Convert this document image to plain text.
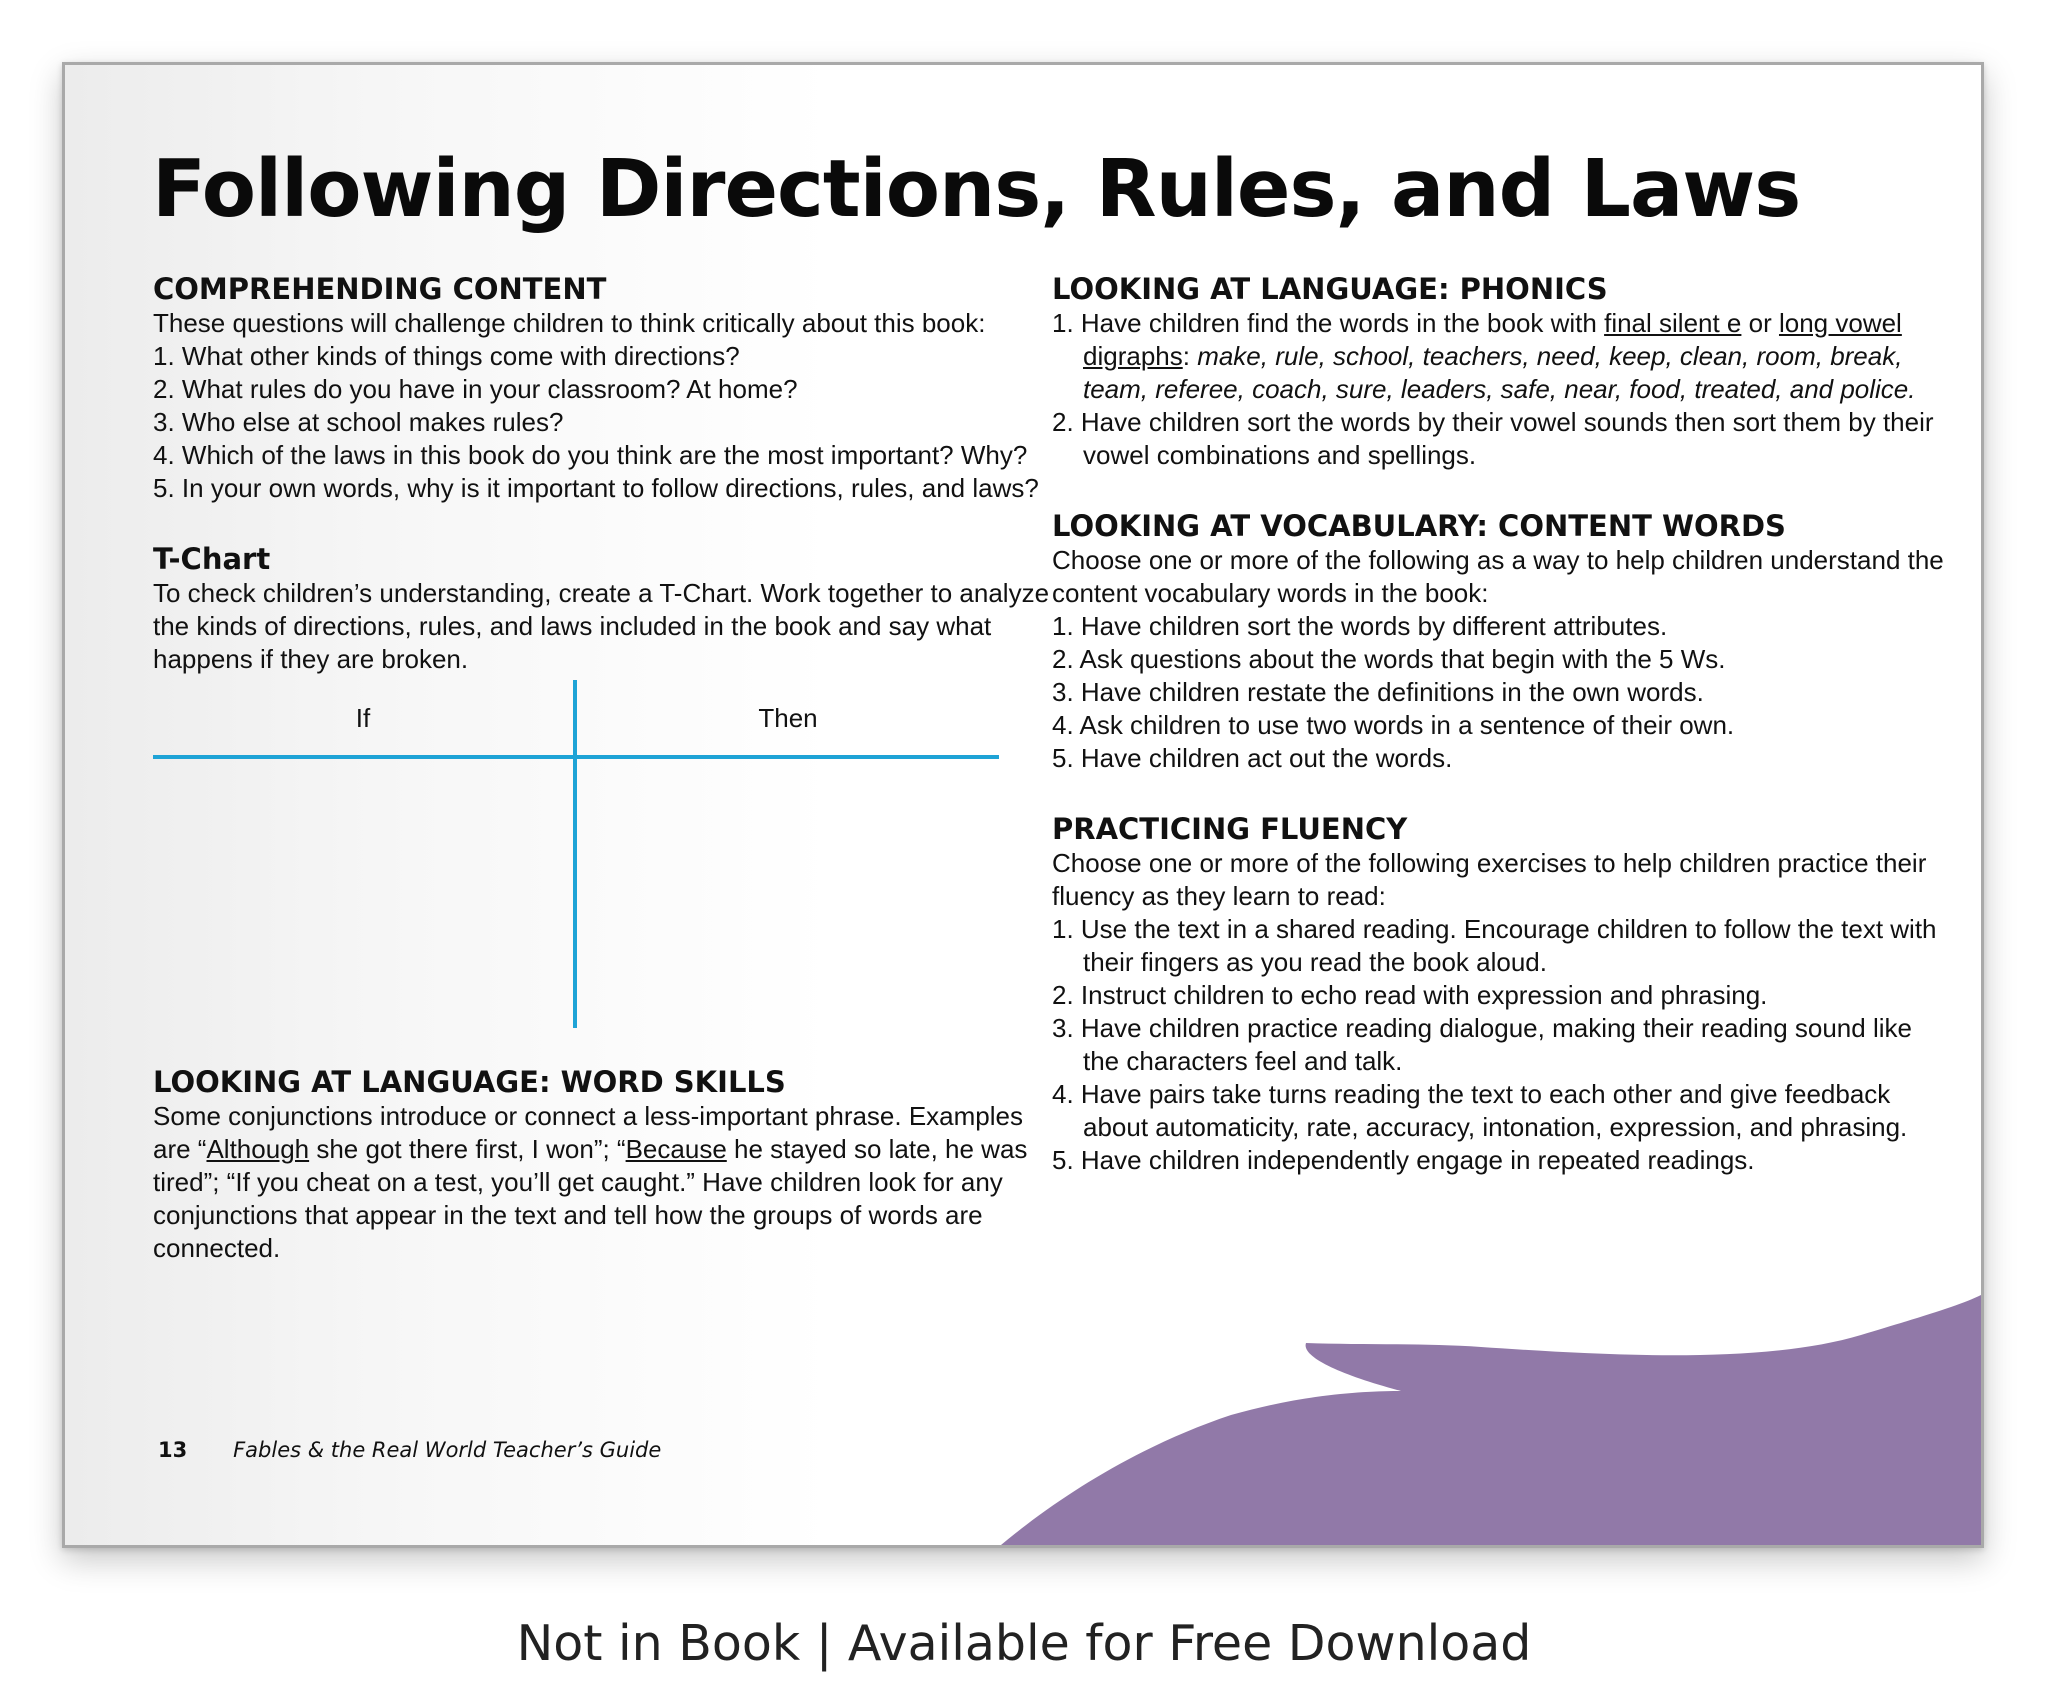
Following Directions, Rules, and Laws
COMPREHENDING CONTENT

These questions will challenge children to think critically about this book:

1. What other kinds of things come with directions?
2. What rules do you have in your classroom? At home?
3. Who else at school makes rules?
4. Which of the laws in this book do you think are the most important? Why?
5. In your own words, why is it important to follow directions, rules, and laws?
T-Chart

To check children’s understanding, create a T-Chart. Work together to analyze the kinds of directions, rules, and laws included in the book and say what happens if they are broken.

If	Then
LOOKING AT LANGUAGE: WORD SKILLS

Some conjunctions introduce or connect a less-important phrase. Examples are “Although she got there first, I won”; “Because he stayed so late, he was tired”; “If you cheat on a test, you’ll get caught.” Have children look for any conjunctions that appear in the text and tell how the groups of words are connected.

LOOKING AT LANGUAGE: PHONICS
1. Have children find the words in the book with final silent e or long vowel digraphs: make, rule, school, teachers, need, keep, clean, room, break, team, referee, coach, sure, leaders, safe, near, food, treated, and police.
2. Have children sort the words by their vowel sounds then sort them by their vowel combinations and spellings.
LOOKING AT VOCABULARY: CONTENT WORDS

Choose one or more of the following as a way to help children understand the content vocabulary words in the book:

1. Have children sort the words by different attributes.
2. Ask questions about the words that begin with the 5 Ws.
3. Have children restate the definitions in the own words.
4. Ask children to use two words in a sentence of their own.
5. Have children act out the words.
PRACTICING FLUENCY

Choose one or more of the following exercises to help children practice their fluency as they learn to read:

1. Use the text in a shared reading. Encourage children to follow the text with their fingers as you read the book aloud.
2. Instruct children to echo read with expression and phrasing.
3. Have children practice reading dialogue, making their reading sound like the characters feel and talk.
4. Have pairs take turns reading the text to each other and give feedback about automaticity, rate, accuracy, intonation, expression, and phrasing.
5. Have children independently engage in repeated readings.
13 Fables & the Real World Teacher’s Guide
Not in Book | Available for Free Download
